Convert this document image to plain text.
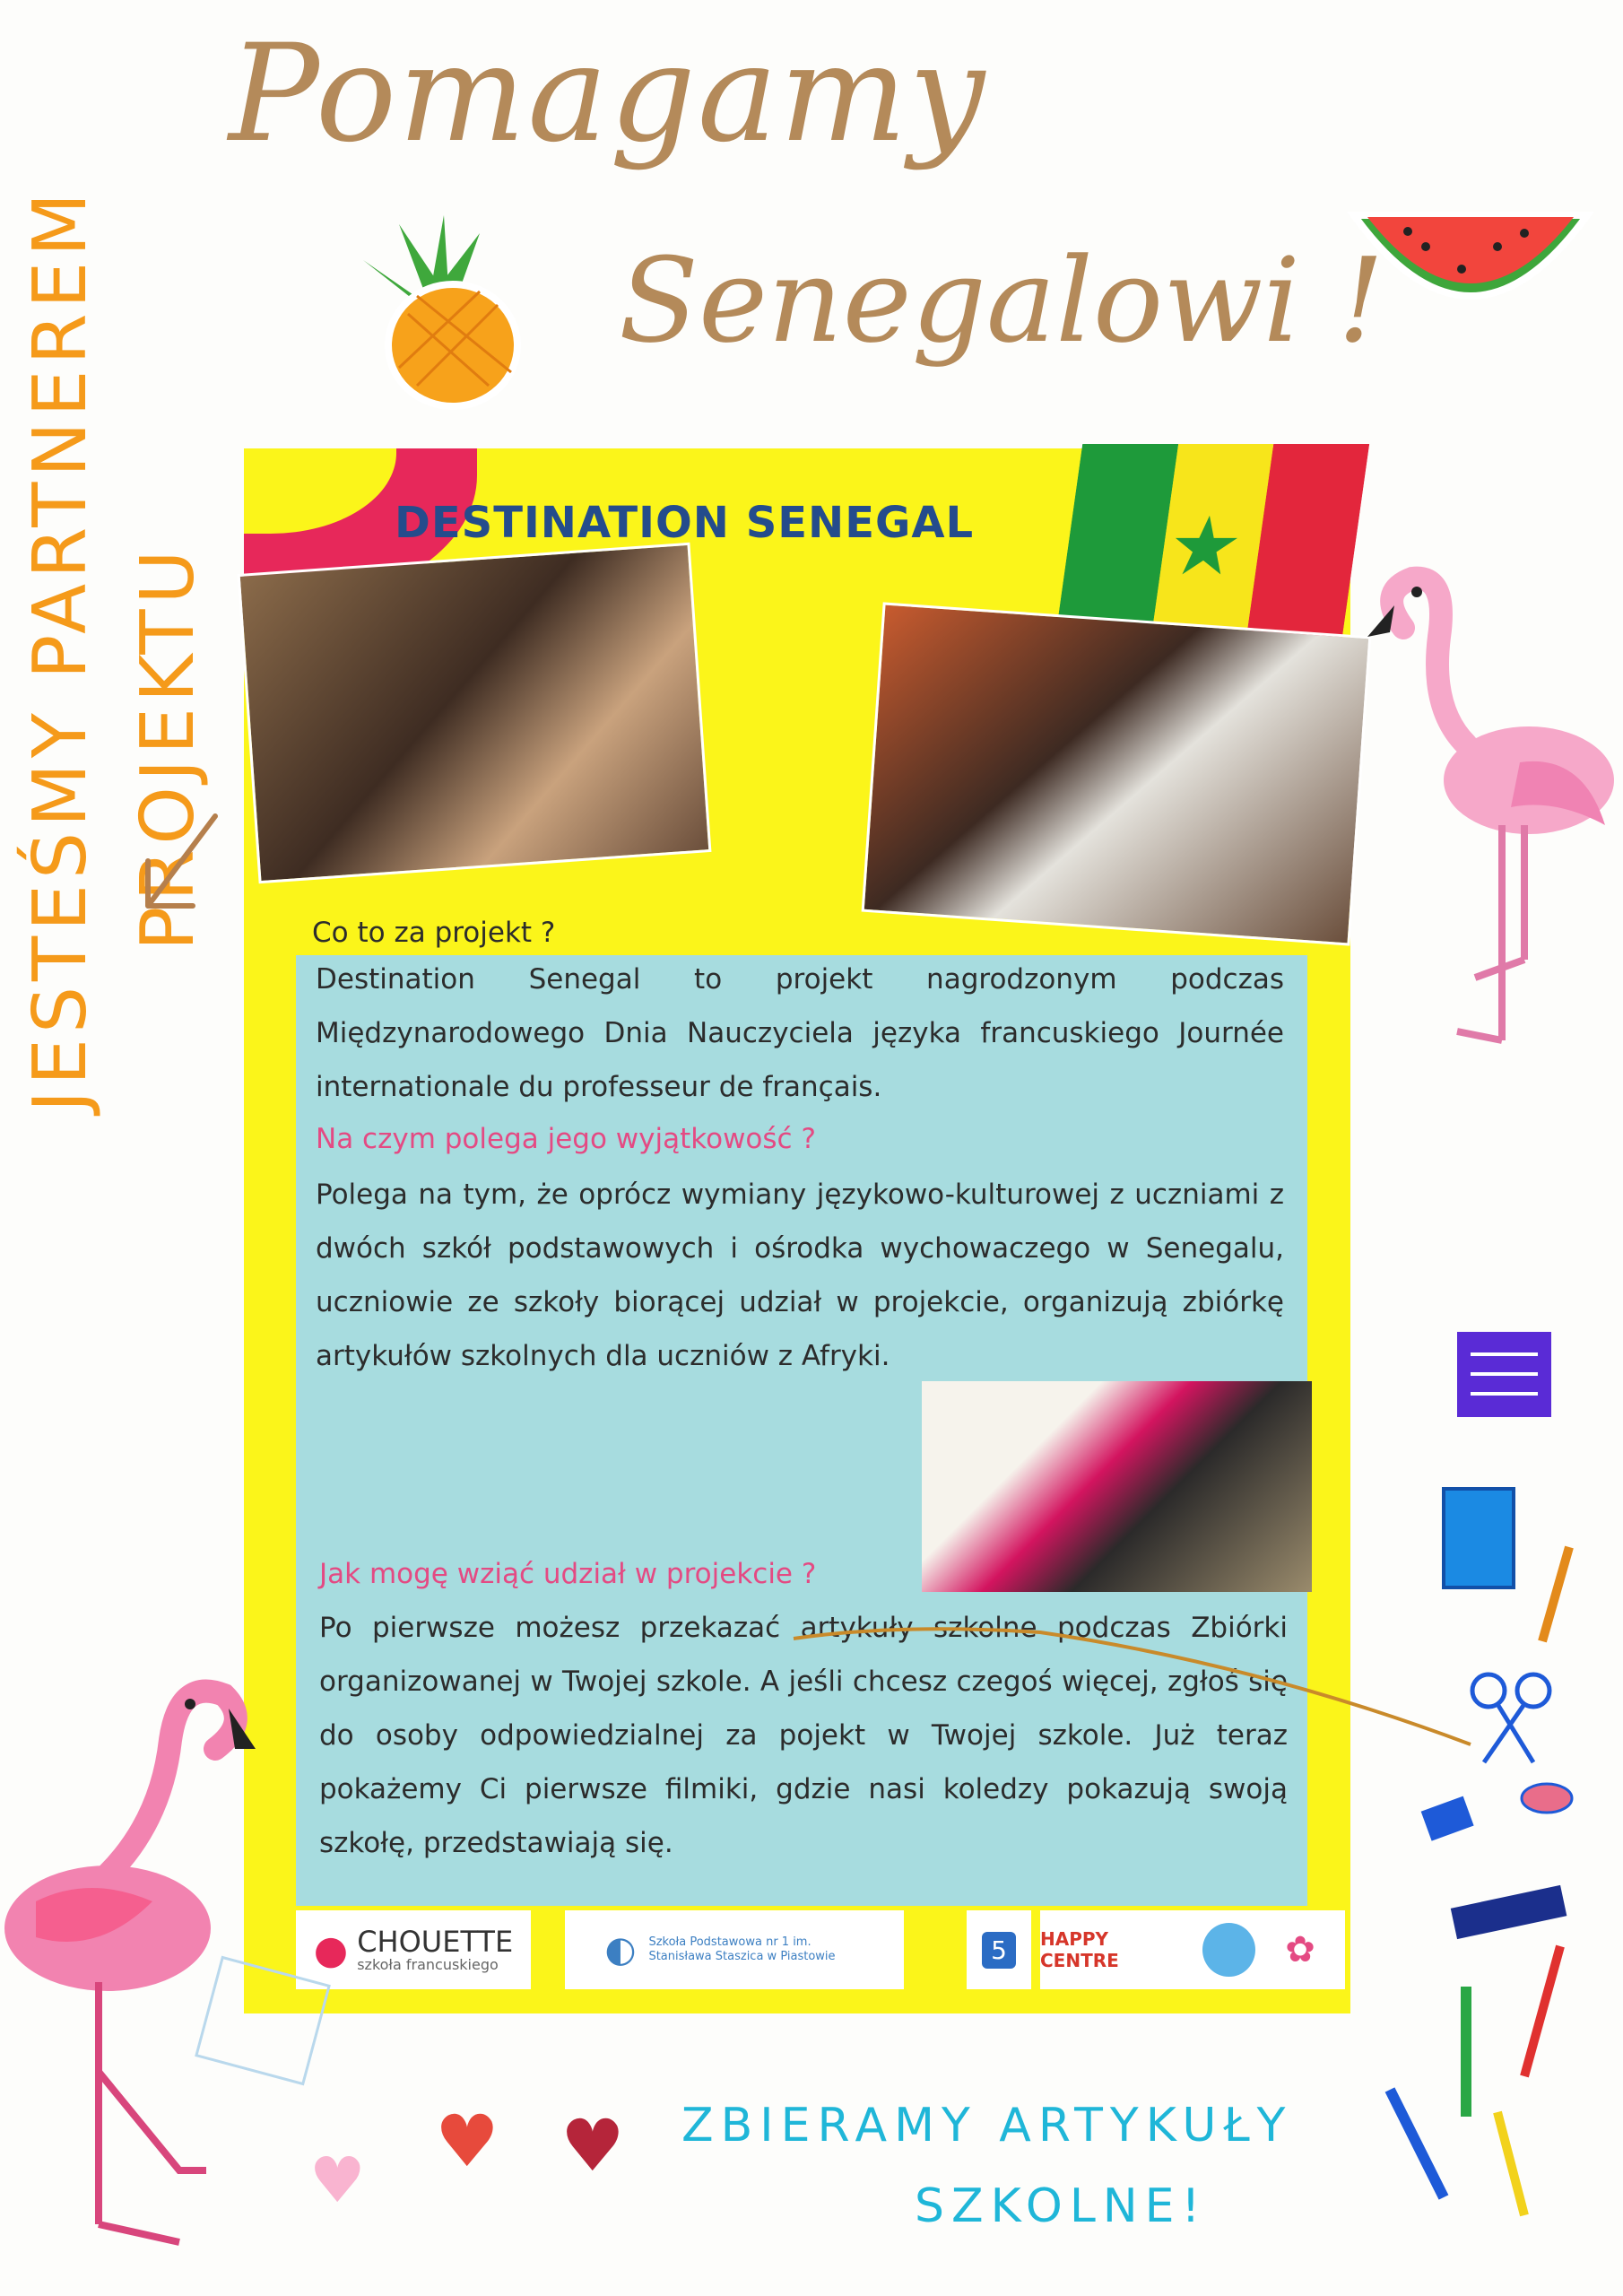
Pomagamy
Senegalowi !
JESTEŚMY PARTNEREM PROJEKTU	★
DESTINATION SENEGAL
Co to za projekt ?
Destination Senegal to projekt nagrodzonym podczas Międzynarodowego Dnia Nauczyciela języka francuskiego Journée internationale du professeur de français.
Na czym polega jego wyjątkowość ?
Polega na tym, że oprócz wymiany językowo-kulturowej z uczniami z dwóch szkół podstawowych i ośrodka wychowaczego w Senegalu, uczniowie ze szkoły biorącej udział w projekcie, organizują zbiórkę artykułów szkolnych dla uczniów z Afryki.
Jak mogę wziąć udział w projekcie ?
Po pierwsze możesz przekazać artykuły szkolne podczas Zbiórki organizowanej w Twojej szkole. A jeśli chcesz czegoś więcej, zgłoś się do osoby odpowiedzialnej za pojekt w Twojej szkole. Już teraz pokażemy Ci pierwsze filmiki, gdzie nasi koledzy pokazują swoją szkołę, przedstawiają się.
● CHOUETTE
szkoła francuskiego	◐ Szkoła Podstawowa nr 1 im. Stanisława Staszica w Piastowie	5	HAPPY CENTRE	✿
♥ ♥ ♥ ZBIERAMY ARTYKUŁY
SZKOLNE!
